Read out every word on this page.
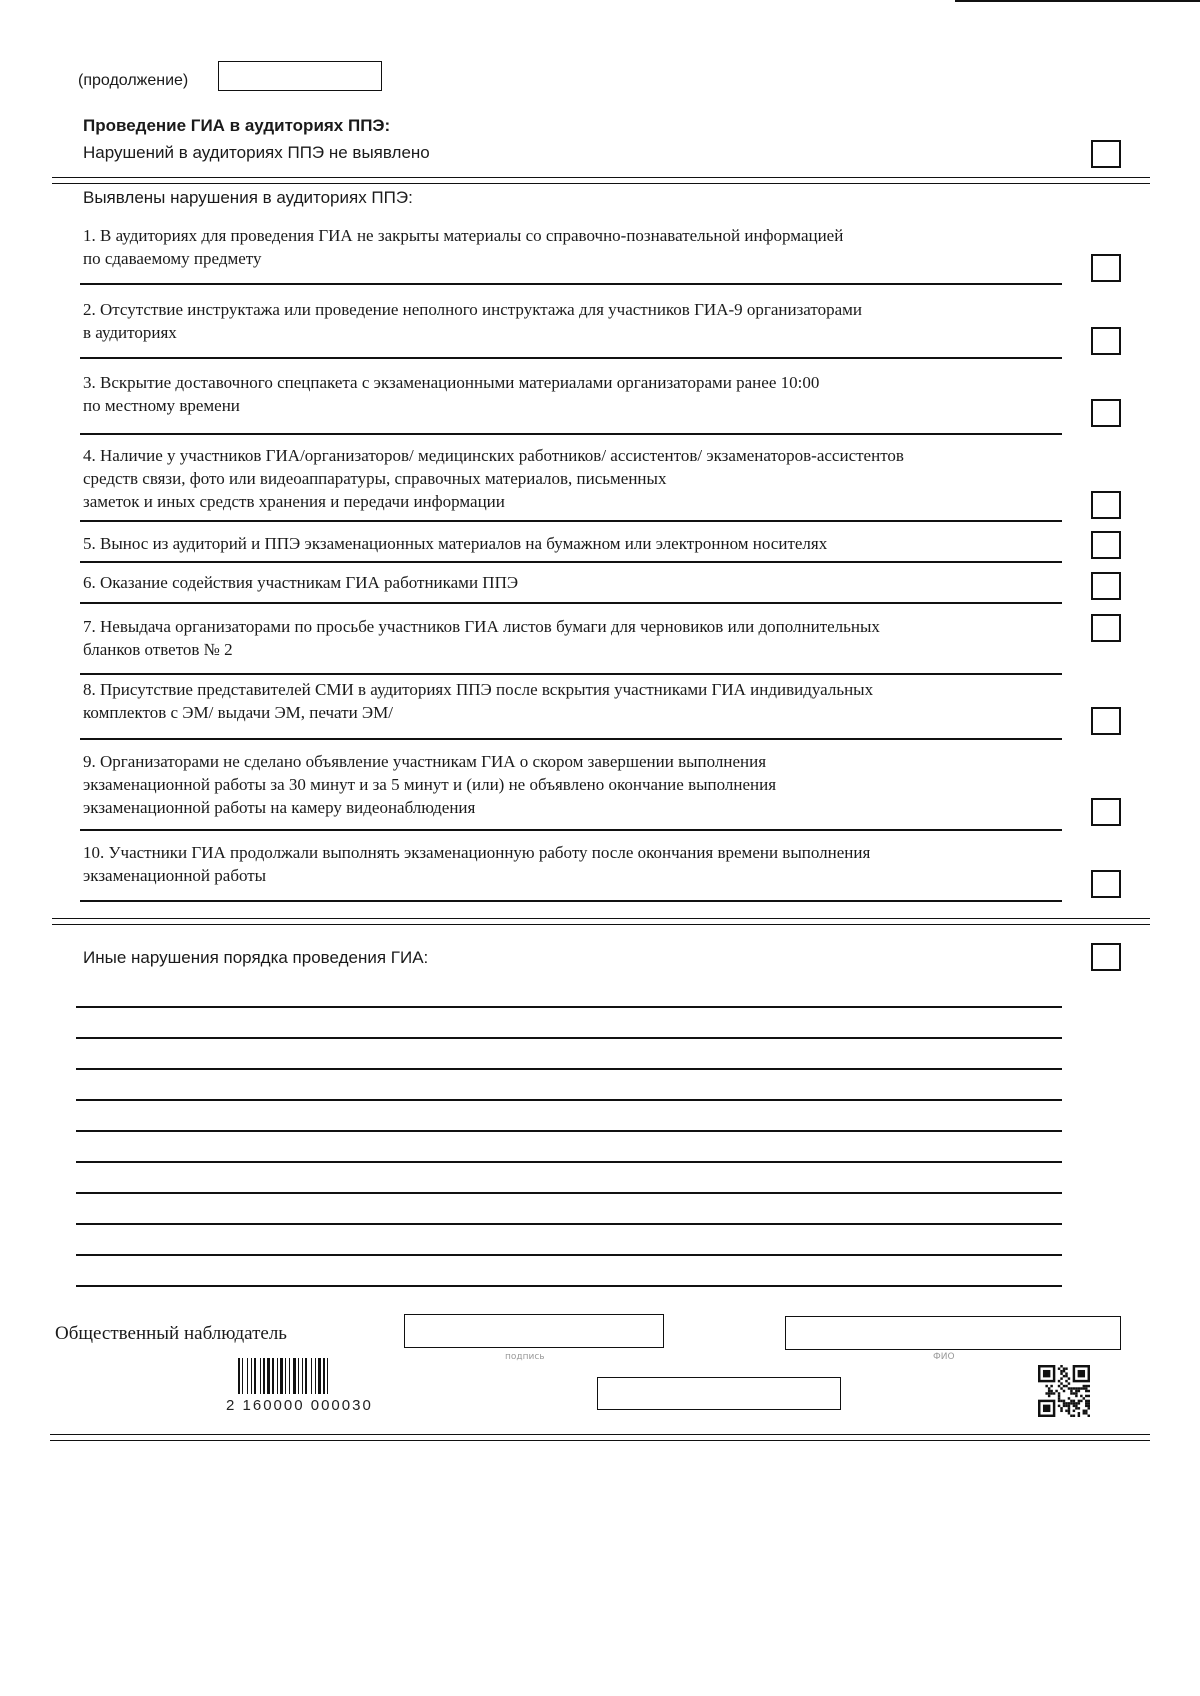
(продолжение)
Проведение ГИА в аудиториях ППЭ:
Нарушений в аудиториях ППЭ не выявлено
Выявлены нарушения в аудиториях ППЭ:
1. В аудиториях для проведения ГИА не закрыты материалы со справочно-познавательной информацией
по сдаваемому предмету
2. Отсутствие инструктажа или проведение неполного инструктажа для участников ГИА-9 организаторами
в аудиториях
3. Вскрытие доставочного спецпакета с экзаменационными материалами организаторами ранее 10:00
по местному времени
4. Наличие у участников ГИА/организаторов/ медицинских работников/ ассистентов/ экзаменаторов-ассистентов
средств связи, фото или видеоаппаратуры, справочных материалов, письменных
заметок и иных средств хранения и передачи информации
5. Вынос из аудиторий и ППЭ экзаменационных материалов на бумажном или электронном носителях
6. Оказание содействия участникам ГИА работниками ППЭ
7. Невыдача организаторами по просьбе участников ГИА листов бумаги для черновиков или дополнительных
бланков ответов № 2
8. Присутствие представителей СМИ в аудиториях ППЭ после вскрытия участниками ГИА индивидуальных
комплектов с ЭМ/ выдачи ЭМ, печати ЭМ/
9. Организаторами не сделано объявление участникам ГИА о скором завершении выполнения
экзаменационной работы за 30 минут и за 5 минут и (или) не объявлено окончание выполнения
экзаменационной работы на камеру видеонаблюдения
10. Участники ГИА продолжали выполнять экзаменационную работу после окончания времени выполнения
экзаменационной работы
Иные нарушения порядка проведения ГИА:
Общественный наблюдатель
подпись	ФИО
2 160000 000030
